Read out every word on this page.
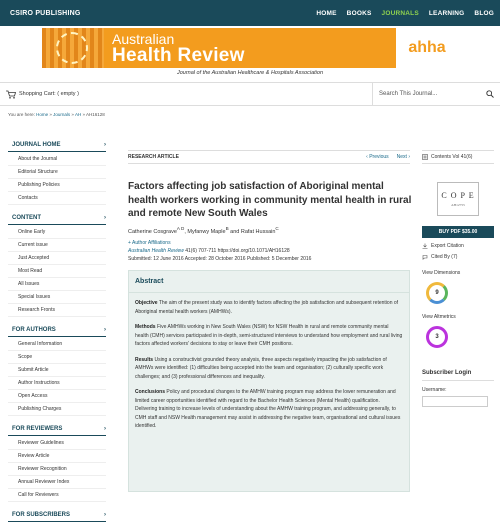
CSIRO PUBLISHING	HOME BOOKS JOURNALS LEARNING BLOG
Australian
Health Review	ahha
Journal of the Australian Healthcare & Hospitals Association
Shopping Cart: ( empty )	Search This Journal...
You are here: Home » Journals » AH » AH16128
JOURNAL HOME	›
About the Journal
Editorial Structure
Publishing Policies
Contacts
CONTENT	›
Online Early
Current issue
Just Accepted
Most Read
All Issues
Special Issues
Research Fronts
FOR AUTHORS	›
General Information
Scope
Submit Article
Author Instructions
Open Access
Publishing Charges
FOR REVIEWERS	›
Reviewer Guidelines
Review Article
Reviewer Recognition
Annual Reviewer Index
Call for Reviewers
FOR SUBSCRIBERS	›
RESEARCH ARTICLE	‹ Previous Next ›
Factors affecting job satisfaction of Aboriginal mental health workers working in community mental health in rural and remote New South Wales
Catherine Cosgrave$^{A D}$, Myfanwy Maple$^B$ and Rafat Hussain$^C$
+ Author Affiliations
Australian Health Review 41(6) 707-711 https://doi.org/10.1071/AH16128
Submitted: 12 June 2016 Accepted: 28 October 2016 Published: 5 December 2016
Abstract

Objective The aim of the present study was to identify factors affecting the job satisfaction and subsequent retention of Aboriginal mental health workers (AMHWs).

Methods Five AMHWs working in New South Wales (NSW) for NSW Health in rural and remote community mental health (CMH) services participated in in-depth, semi-structured interviews to understand how employment and rural living factors affected workers' decisions to stay or leave their CMH positions.

Results Using a constructivist grounded theory analysis, three aspects negatively impacting the job satisfaction of AMHWs were identified: (1) difficulties being accepted into the team and organisation; (2) culturally specific work challenges; and (3) professional differences and inequality.

Conclusions Policy and procedural changes to the AMHW training program may address the lower remuneration and limited career opportunities identified with regard to the Bachelor Health Sciences (Mental Health) qualification. Delivering training to increase levels of understanding about the AMHW training program, and addressing generally, to CMH staff and NSW Health management may assist in addressing the negative team, organisational and cultural issues identified.

Contents Vol 41(6)
C O P E
AH12755
BUY PDF $35.00
Export Citation
Cited By (7)
View Dimensions
9
View Altmetrics
3
Subscriber Login
Username:
